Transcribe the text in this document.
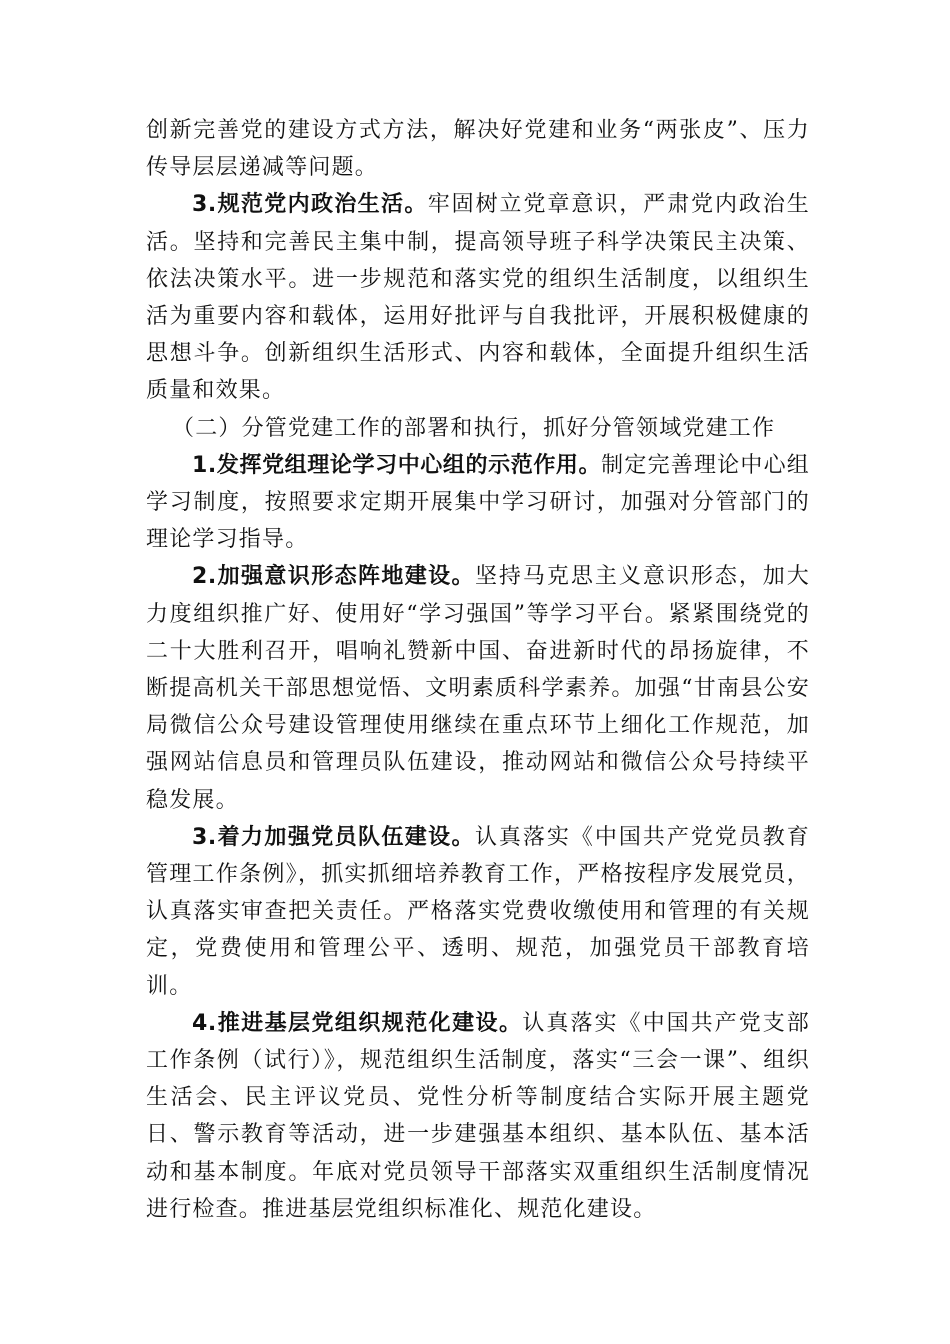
创新完善党的建设方式方法，解决好党建和业务“两张皮”、压力传导层层递减等问题。

3.规范党内政治生活。牢固树立党章意识，严肃党内政治生活。坚持和完善民主集中制，提高领导班子科学决策民主决策、依法决策水平。进一步规范和落实党的组织生活制度，以组织生活为重要内容和载体，运用好批评与自我批评，开展积极健康的思想斗争。创新组织生活形式、内容和载体，全面提升组织生活质量和效果。

（二）分管党建工作的部署和执行，抓好分管领域党建工作

1.发挥党组理论学习中心组的示范作用。制定完善理论中心组学习制度，按照要求定期开展集中学习研讨，加强对分管部门的理论学习指导。

2.加强意识形态阵地建设。坚持马克思主义意识形态，加大力度组织推广好、使用好“学习强国”等学习平台。紧紧围绕党的二十大胜利召开，唱响礼赞新中国、奋进新时代的昂扬旋律，不断提高机关干部思想觉悟、文明素质科学素养。加强“甘南县公安局微信公众号建设管理使用继续在重点环节上细化工作规范，加强网站信息员和管理员队伍建设，推动网站和微信公众号持续平稳发展。

3.着力加强党员队伍建设。认真落实《中国共产党党员教育管理工作条例》，抓实抓细培养教育工作，严格按程序发展党员，认真落实审查把关责任。严格落实党费收缴使用和管理的有关规定，党费使用和管理公平、透明、规范，加强党员干部教育培训。

4.推进基层党组织规范化建设。认真落实《中国共产党支部工作条例（试行）》，规范组织生活制度，落实“三会一课”、组织生活会、民主评议党员、党性分析等制度结合实际开展主题党日、警示教育等活动，进一步建强基本组织、基本队伍、基本活动和基本制度。年底对党员领导干部落实双重组织生活制度情况进行检查。推进基层党组织标准化、规范化建设。
